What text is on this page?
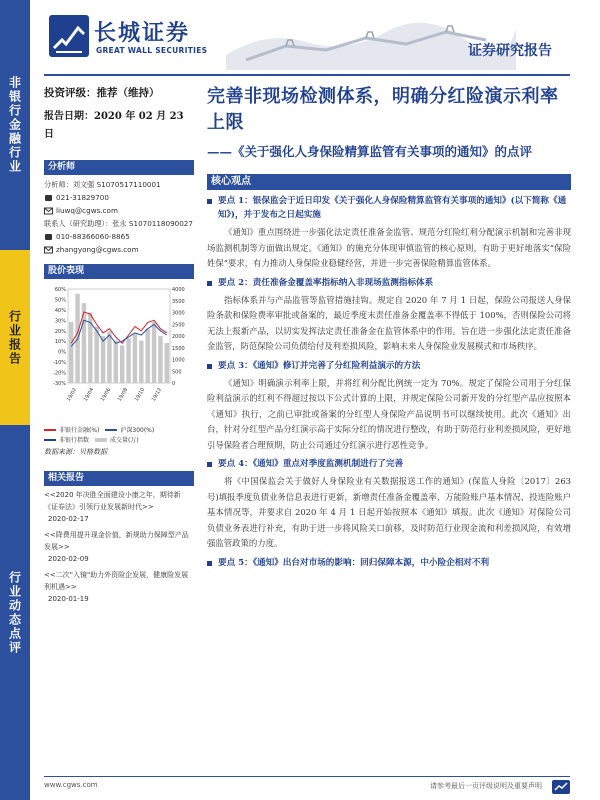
非银行金融行业
行业报告
行业动态点评
长城证券
GREAT WALL SECURITIES	证券研究报告
投资评级：推荐（维持）
报告日期：2020 年 02 月 23 日
分析师
分析师：刘文强 S1070517110001
021-31829700
liuwq@cgws.com
联系人（研究助理）：张永 S1070118090027
010-88366060-8865
zhangyong@cgws.com
股价表现
60%
50%
40%
30%
20%
10%
0%
-10%
-20%
-30%
4000
3500
3000
2500
2000
1500
1000
500
0
19/02 19/04 19/06 19/08 19/10 19/12
非银行金融(%)	沪深300(%)
非银行指数	成交量(万)
数据来源：贝格数据
相关报告
<<2020 年决胜全面建设小康之年，期待新《证券法》引领行业发展新时代>>
2020-02-17
<<降费用提升现金价值，新规助力保障型产品发展>>
2020-02-09
<<二次"入镜"助力外资险企发展，健康险发展利机遇>>
2020-01-19
完善非现场检测体系，明确分红险演示利率上限
——《关于强化人身保险精算监管有关事项的通知》的点评
核心观点
要点 1：银保监会于近日印发《关于强化人身保险精算监管有关事项的通知》(以下简称《通知》)，并于发布之日起实施
《通知》重点围绕进一步强化法定责任准备金监管、规范分红险红利分配演示机制和完善非现场监测机制等方面做出规定。《通知》的施充分体现审慎监管的核心原则，有助于更好地落实“保险姓保”要求，有力推动人身保险业稳健经营，并进一步完善保险精算监管体系。
要点 2：责任准备金覆盖率指标纳入非现场监测指标体系
指标体系并与产品监管等监管措施挂钩。规定自 2020 年 7 月 1 日起，保险公司报送人身保险条款和保险费率审批或备案的，最近季度末责任准备金覆盖率不得低于 100%，否则保险公司将无法上报新产品，以切实发挥法定责任准备金在监管体系中的作用。旨在进一步强化法定责任准备金监管，防范保险公司负债给付及利差损风险，影响未来人身保险业发展模式和市场秩序。
要点 3：《通知》修订并完善了分红险利益演示的方法
《通知》明确演示利率上限，并将红利分配比例统一定为 70%。规定了保险公司用于分红保险利益演示的红利不得超过按以下公式计算的上限，并规定保险公司新开发的分红型产品应按照本《通知》执行，之前已审批或备案的分红型人身保险产品说明书可以继续使用。此次《通知》出台，针对分红型产品分红演示高于实际分红的情况进行整改，有助于防范行业利差损风险，更好地引导保险者合理预期，防止公司通过分红演示进行恶性竞争。
要点 4：《通知》重点对季度监测机制进行了完善
将《中国保监会关于做好人身保险业有关数据报送工作的通知》(保监人身险〔2017〕263 号)填报季度负债业务信息表进行更新，新增责任准备金覆盖率、万能险账户基本情况、投连险账户基本情况等，并要求自 2020 年 4 月 1 日起开始按照本《通知》填报。此次《通知》对保险公司负债业务表进行补充，有助于进一步将风险关口前移，及时防范行业现金流和利差损风险，有效增强监管政策的力度。
要点 5：《通知》出台对市场的影响：回归保障本源，中小险企相对不利
www.cgws.com	请参考最后一页评级说明及重要声明
